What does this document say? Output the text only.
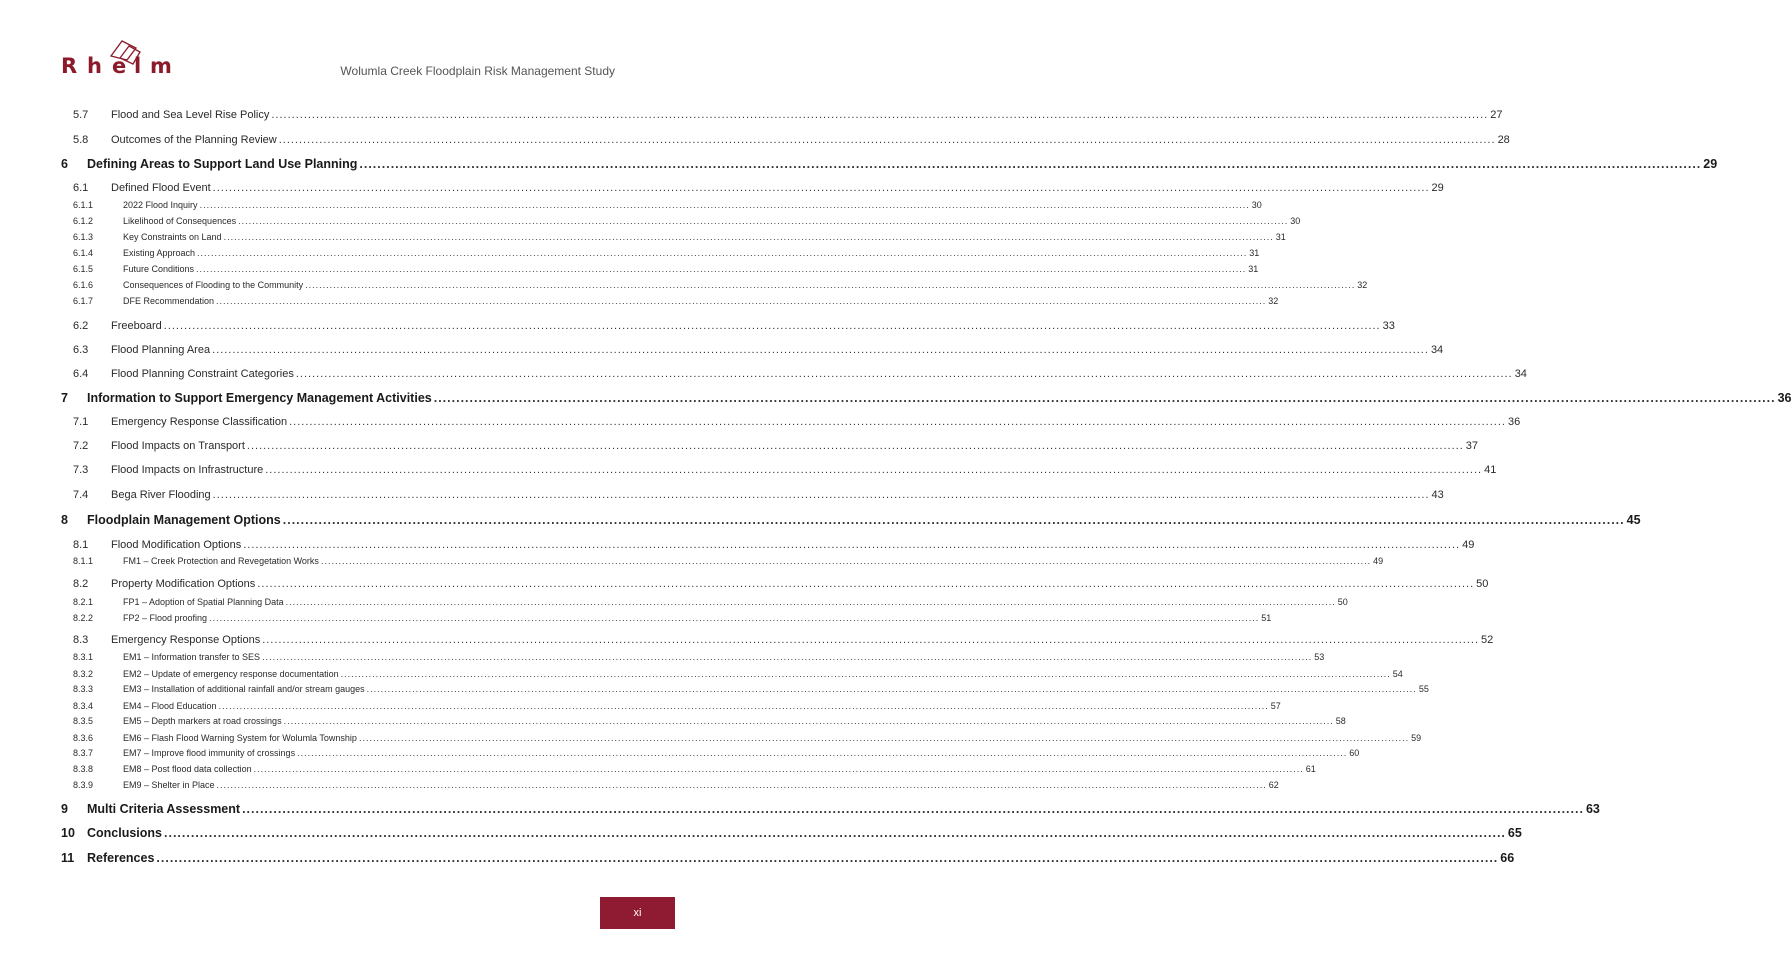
R h e l m	Wolumla Creek Floodplain Risk Management Study
5.7	Flood and Sea Level Rise Policy ............................................................................................................................................................................................................................................................................................................ 27
5.8	Outcomes of the Planning Review ............................................................................................................................................................................................................................................................................................................ 28
6	Defining Areas to Support Land Use Planning ............................................................................................................................................................................................................................................................................................................ 29
6.1	Defined Flood Event ............................................................................................................................................................................................................................................................................................................ 29
6.1.1	2022 Flood Inquiry ............................................................................................................................................................................................................................................................................................................ 30
6.1.2	Likelihood of Consequences ............................................................................................................................................................................................................................................................................................................ 30
6.1.3	Key Constraints on Land ............................................................................................................................................................................................................................................................................................................ 31
6.1.4	Existing Approach ............................................................................................................................................................................................................................................................................................................ 31
6.1.5	Future Conditions ............................................................................................................................................................................................................................................................................................................ 31
6.1.6	Consequences of Flooding to the Community ............................................................................................................................................................................................................................................................................................................ 32
6.1.7	DFE Recommendation ............................................................................................................................................................................................................................................................................................................ 32
6.2	Freeboard ............................................................................................................................................................................................................................................................................................................ 33
6.3	Flood Planning Area ............................................................................................................................................................................................................................................................................................................ 34
6.4	Flood Planning Constraint Categories ............................................................................................................................................................................................................................................................................................................ 34
7	Information to Support Emergency Management Activities ............................................................................................................................................................................................................................................................................................................ 36
7.1	Emergency Response Classification ............................................................................................................................................................................................................................................................................................................ 36
7.2	Flood Impacts on Transport ............................................................................................................................................................................................................................................................................................................ 37
7.3	Flood Impacts on Infrastructure ............................................................................................................................................................................................................................................................................................................ 41
7.4	Bega River Flooding ............................................................................................................................................................................................................................................................................................................ 43
8	Floodplain Management Options ............................................................................................................................................................................................................................................................................................................ 45
8.1	Flood Modification Options ............................................................................................................................................................................................................................................................................................................ 49
8.1.1	FM1 – Creek Protection and Revegetation Works ............................................................................................................................................................................................................................................................................................................ 49
8.2	Property Modification Options ............................................................................................................................................................................................................................................................................................................ 50
8.2.1	FP1 – Adoption of Spatial Planning Data ............................................................................................................................................................................................................................................................................................................ 50
8.2.2	FP2 – Flood proofing ............................................................................................................................................................................................................................................................................................................ 51
8.3	Emergency Response Options ............................................................................................................................................................................................................................................................................................................ 52
8.3.1	EM1 – Information transfer to SES ............................................................................................................................................................................................................................................................................................................ 53
8.3.2	EM2 – Update of emergency response documentation ............................................................................................................................................................................................................................................................................................................ 54
8.3.3	EM3 – Installation of additional rainfall and/or stream gauges ............................................................................................................................................................................................................................................................................................................ 55
8.3.4	EM4 – Flood Education ............................................................................................................................................................................................................................................................................................................ 57
8.3.5	EM5 – Depth markers at road crossings ............................................................................................................................................................................................................................................................................................................ 58
8.3.6	EM6 – Flash Flood Warning System for Wolumla Township ............................................................................................................................................................................................................................................................................................................ 59
8.3.7	EM7 – Improve flood immunity of crossings ............................................................................................................................................................................................................................................................................................................ 60
8.3.8	EM8 – Post flood data collection ............................................................................................................................................................................................................................................................................................................ 61
8.3.9	EM9 – Shelter in Place ............................................................................................................................................................................................................................................................................................................ 62
9	Multi Criteria Assessment ............................................................................................................................................................................................................................................................................................................ 63
10 Conclusions ............................................................................................................................................................................................................................................................................................................ 65
11	References ............................................................................................................................................................................................................................................................................................................ 66
xi
